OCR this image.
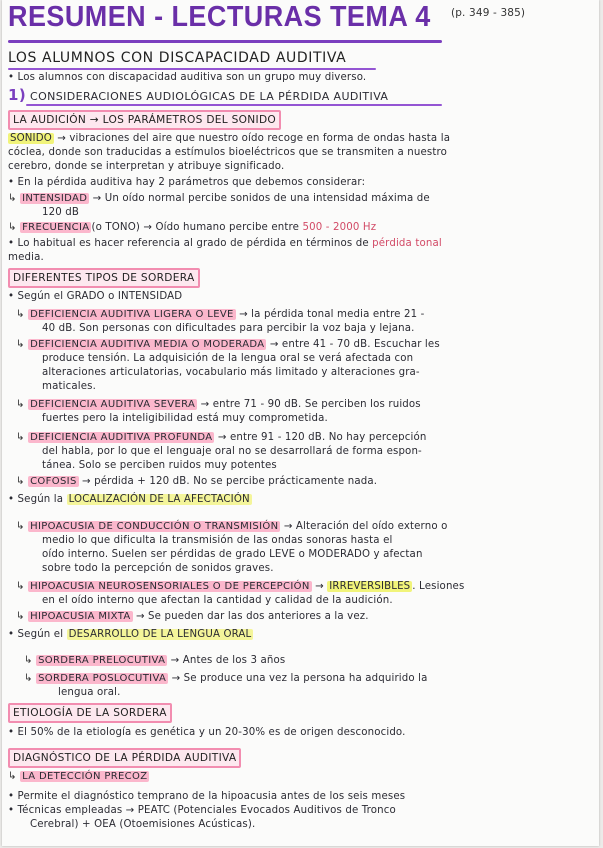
RESUMEN - LECTURAS TEMA 4 (p. 349 - 385)
LOS ALUMNOS CON DISCAPACIDAD AUDITIVA
• Los alumnos con discapacidad auditiva son un grupo muy diverso.
1) CONSIDERACIONES AUDIOLÓGICAS DE LA PÉRDIDA AUDITIVA
LA AUDICIÓN → LOS PARÁMETROS DEL SONIDO
SONIDO → vibraciones del aire que nuestro oído recoge en forma de ondas hasta la
cóclea, donde son traducidas a estímulos bioeléctricos que se transmiten a nuestro
cerebro, donde se interpretan y atribuye significado.
• En la pérdida auditiva hay 2 parámetros que debemos considerar:
↳ INTENSIDAD → Un oído normal percibe sonidos de una intensidad máxima de
120 dB
↳ FRECUENCIA (o TONO) → Oído humano percibe entre 500 - 2000 Hz
• Lo habitual es hacer referencia al grado de pérdida en términos de pérdida tonal
media.
DIFERENTES TIPOS DE SORDERA
• Según el GRADO o INTENSIDAD
↳ DEFICIENCIA AUDITIVA LIGERA O LEVE → la pérdida tonal media entre 21 -
40 dB. Son personas con dificultades para percibir la voz baja y lejana.
↳ DEFICIENCIA AUDITIVA MEDIA O MODERADA → entre 41 - 70 dB. Escuchar les
produce tensión. La adquisición de la lengua oral se verá afectada con
alteraciones articulatorias, vocabulario más limitado y alteraciones gra-
maticales.
↳ DEFICIENCIA AUDITIVA SEVERA → entre 71 - 90 dB. Se perciben los ruidos
fuertes pero la inteligibilidad está muy comprometida.
↳ DEFICIENCIA AUDITIVA PROFUNDA → entre 91 - 120 dB. No hay percepción
del habla, por lo que el lenguaje oral no se desarrollará de forma espon-
tánea. Solo se perciben ruidos muy potentes
↳ COFOSIS → pérdida + 120 dB. No se percibe prácticamente nada.
• Según la LOCALIZACIÓN DE LA AFECTACIÓN
↳ HIPOACUSIA DE CONDUCCIÓN O TRANSMISIÓN → Alteración del oído externo o
medio lo que dificulta la transmisión de las ondas sonoras hasta el
oído interno. Suelen ser pérdidas de grado LEVE o MODERADO y afectan
sobre todo la percepción de sonidos graves.
↳ HIPOACUSIA NEUROSENSORIALES O DE PERCEPCIÓN → IRREVERSIBLES . Lesiones
en el oído interno que afectan la cantidad y calidad de la audición.
↳ HIPOACUSIA MIXTA → Se pueden dar las dos anteriores a la vez.
• Según el DESARROLLO DE LA LENGUA ORAL
↳ SORDERA PRELOCUTIVA → Antes de los 3 años
↳ SORDERA POSLOCUTIVA → Se produce una vez la persona ha adquirido la
lengua oral.
ETIOLOGÍA DE LA SORDERA
• El 50% de la etiología es genética y un 20-30% es de origen desconocido.
DIAGNÓSTICO DE LA PÉRDIDA AUDITIVA
↳ LA DETECCIÓN PRECOZ
• Permite el diagnóstico temprano de la hipoacusia antes de los seis meses
• Técnicas empleadas → PEATC (Potenciales Evocados Auditivos de Tronco
Cerebral) + OEA (Otoemisiones Acústicas).
